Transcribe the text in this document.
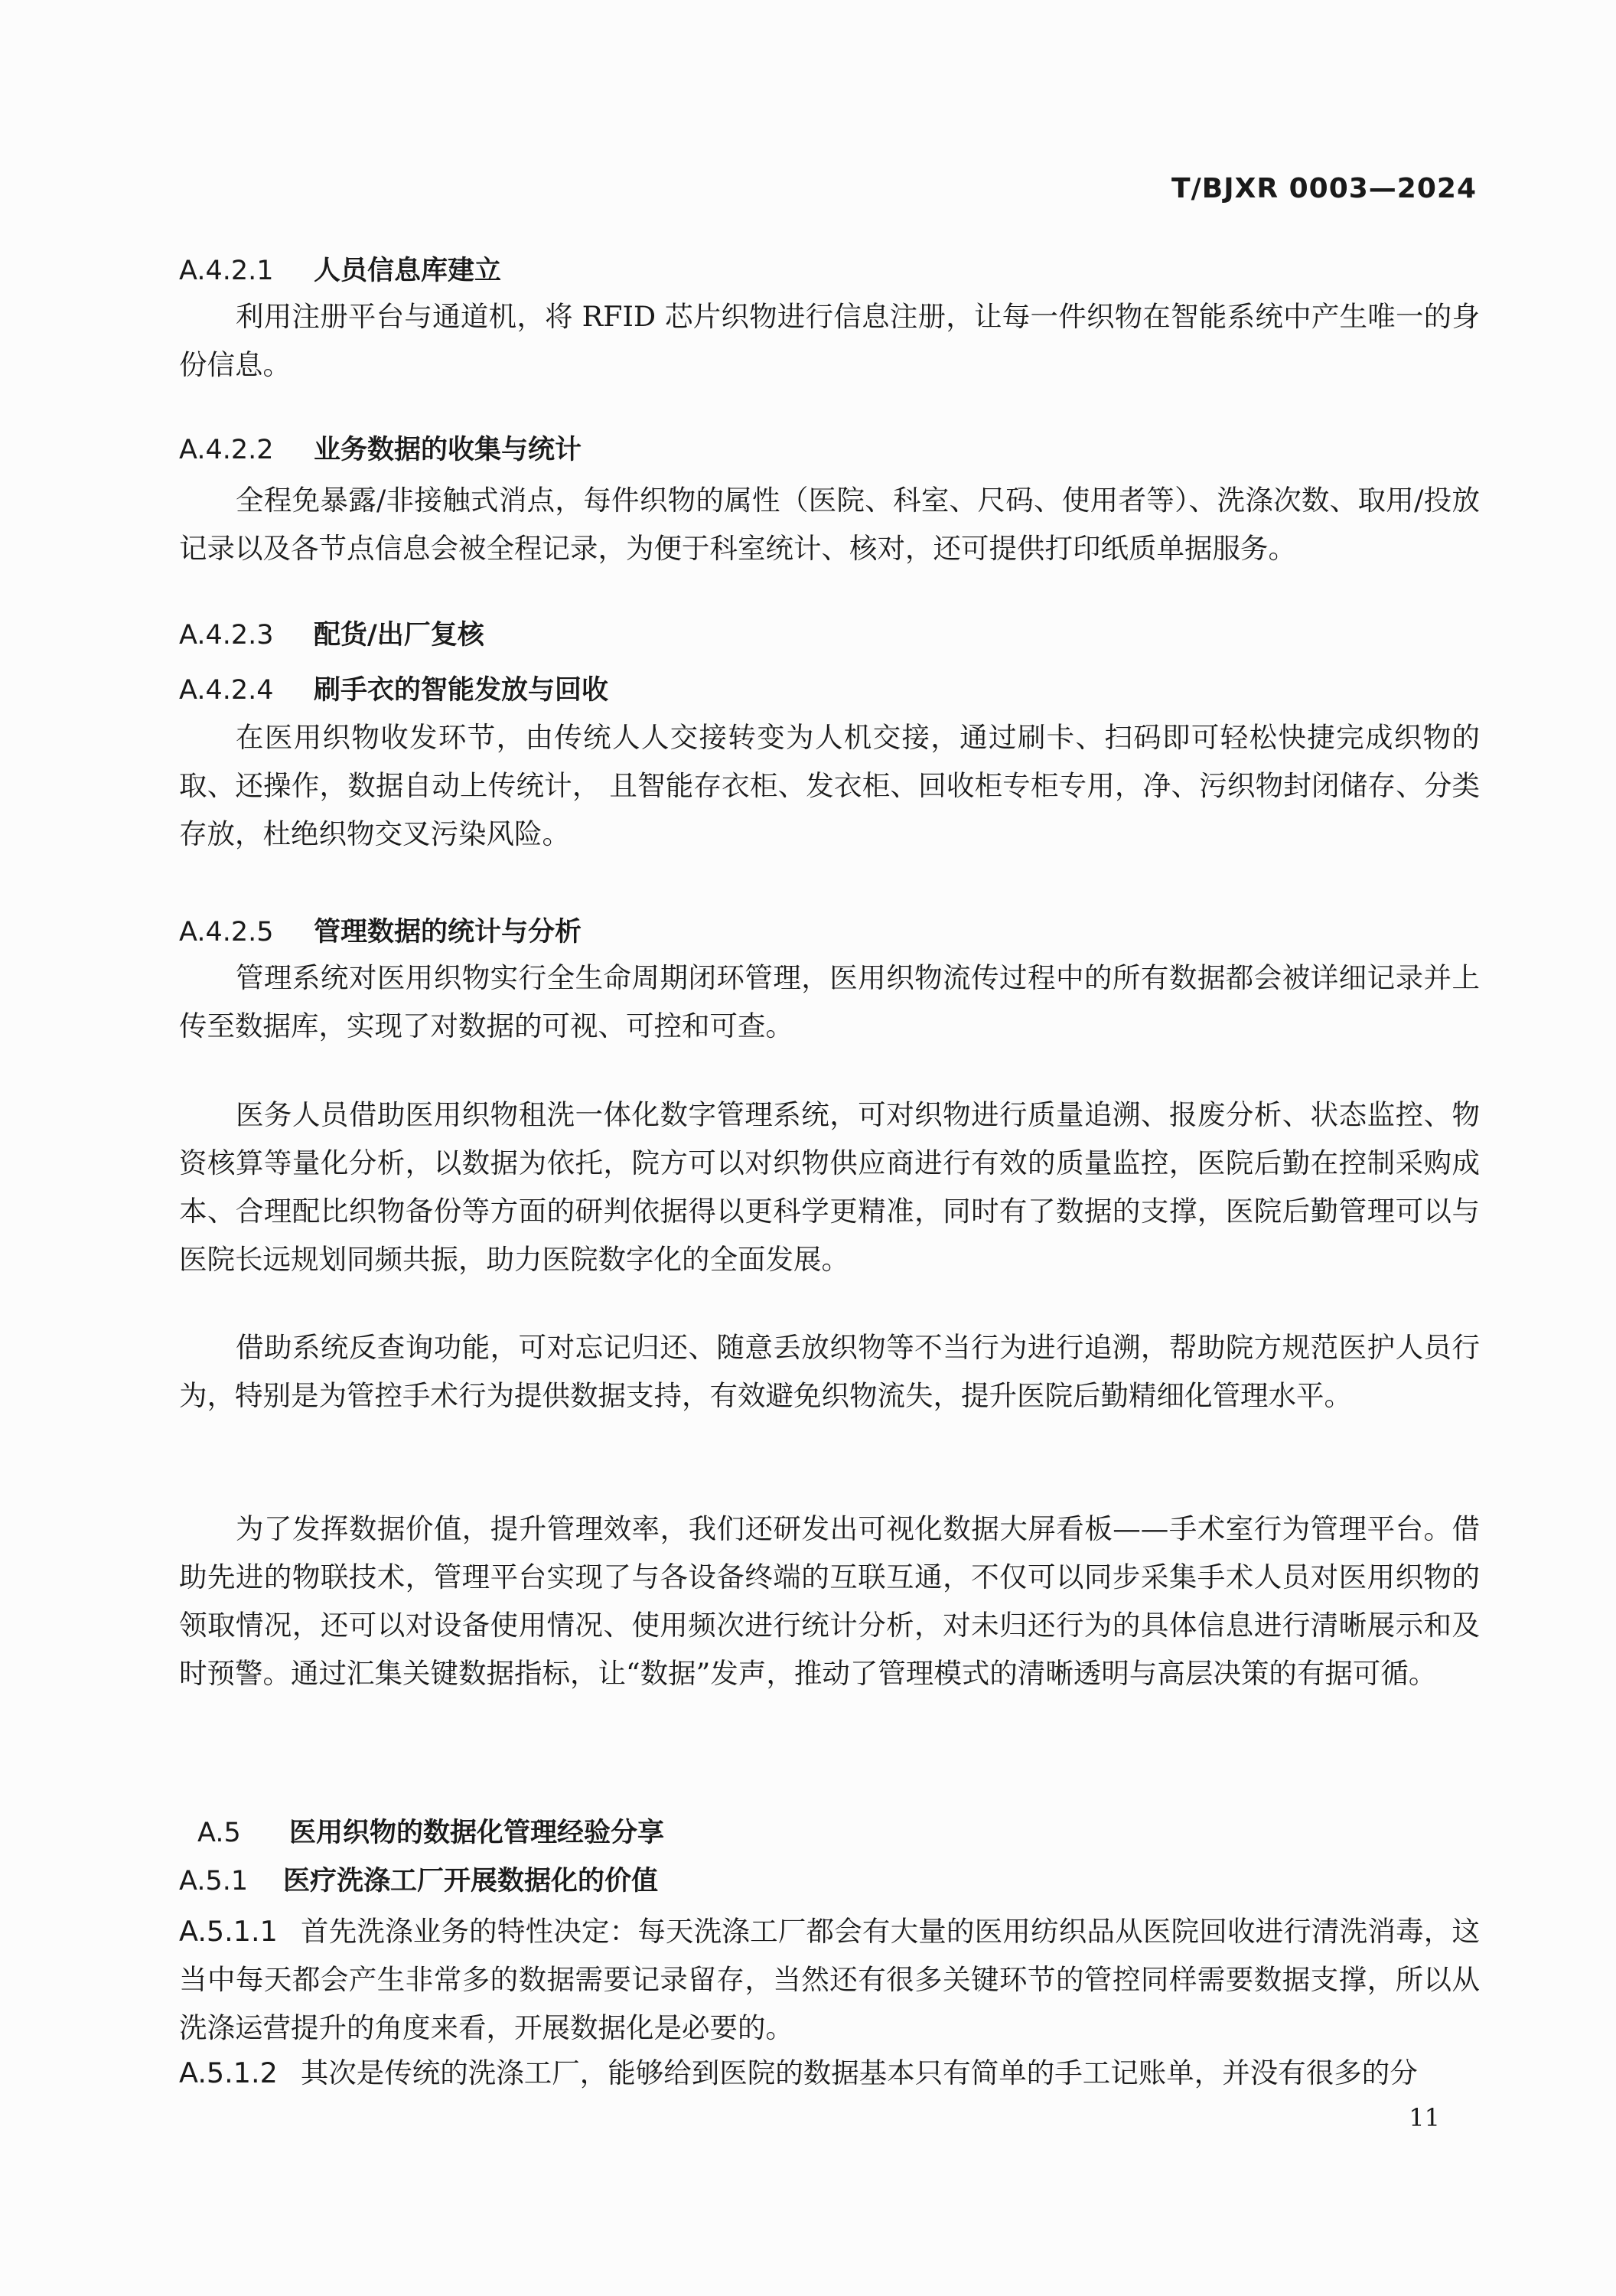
T/BJXR 0003—2024
A.4.2.1 人员信息库建立
利用注册平台与通道机，将 RFID 芯片织物进行信息注册，让每一件织物在智能系统中产生唯一的身份信息。
A.4.2.2 业务数据的收集与统计
全程免暴露/非接触式消点，每件织物的属性（医院、科室、尺码、使用者等）、洗涤次数、取用/投放记录以及各节点信息会被全程记录，为便于科室统计、核对，还可提供打印纸质单据服务。
A.4.2.3 配货/出厂复核
A.4.2.4 刷手衣的智能发放与回收
在医用织物收发环节，由传统人人交接转变为人机交接，通过刷卡、扫码即可轻松快捷完成织物的取、还操作，数据自动上传统计， 且智能存衣柜、发衣柜、回收柜专柜专用，净、污织物封闭储存、分类存放，杜绝织物交叉污染风险。
A.4.2.5 管理数据的统计与分析
管理系统对医用织物实行全生命周期闭环管理，医用织物流传过程中的所有数据都会被详细记录并上传至数据库，实现了对数据的可视、可控和可查。
医务人员借助医用织物租洗一体化数字管理系统，可对织物进行质量追溯、报废分析、状态监控、物资核算等量化分析，以数据为依托，院方可以对织物供应商进行有效的质量监控，医院后勤在控制采购成本、合理配比织物备份等方面的研判依据得以更科学更精准，同时有了数据的支撑，医院后勤管理可以与医院长远规划同频共振，助力医院数字化的全面发展。
借助系统反查询功能，可对忘记归还、随意丢放织物等不当行为进行追溯，帮助院方规范医护人员行为，特别是为管控手术行为提供数据支持，有效避免织物流失，提升医院后勤精细化管理水平。
为了发挥数据价值，提升管理效率，我们还研发出可视化数据大屏看板——手术室行为管理平台。借助先进的物联技术，管理平台实现了与各设备终端的互联互通，不仅可以同步采集手术人员对医用织物的领取情况，还可以对设备使用情况、使用频次进行统计分析，对未归还行为的具体信息进行清晰展示和及时预警。通过汇集关键数据指标，让“数据”发声，推动了管理模式的清晰透明与高层决策的有据可循。
A.5 医用织物的数据化管理经验分享
A.5.1 医疗洗涤工厂开展数据化的价值
A.5.1.1 首先洗涤业务的特性决定：每天洗涤工厂都会有大量的医用纺织品从医院回收进行清洗消毒，这当中每天都会产生非常多的数据需要记录留存，当然还有很多关键环节的管控同样需要数据支撑，所以从洗涤运营提升的角度来看，开展数据化是必要的。
A.5.1.2 其次是传统的洗涤工厂，能够给到医院的数据基本只有简单的手工记账单，并没有很多的分
11
